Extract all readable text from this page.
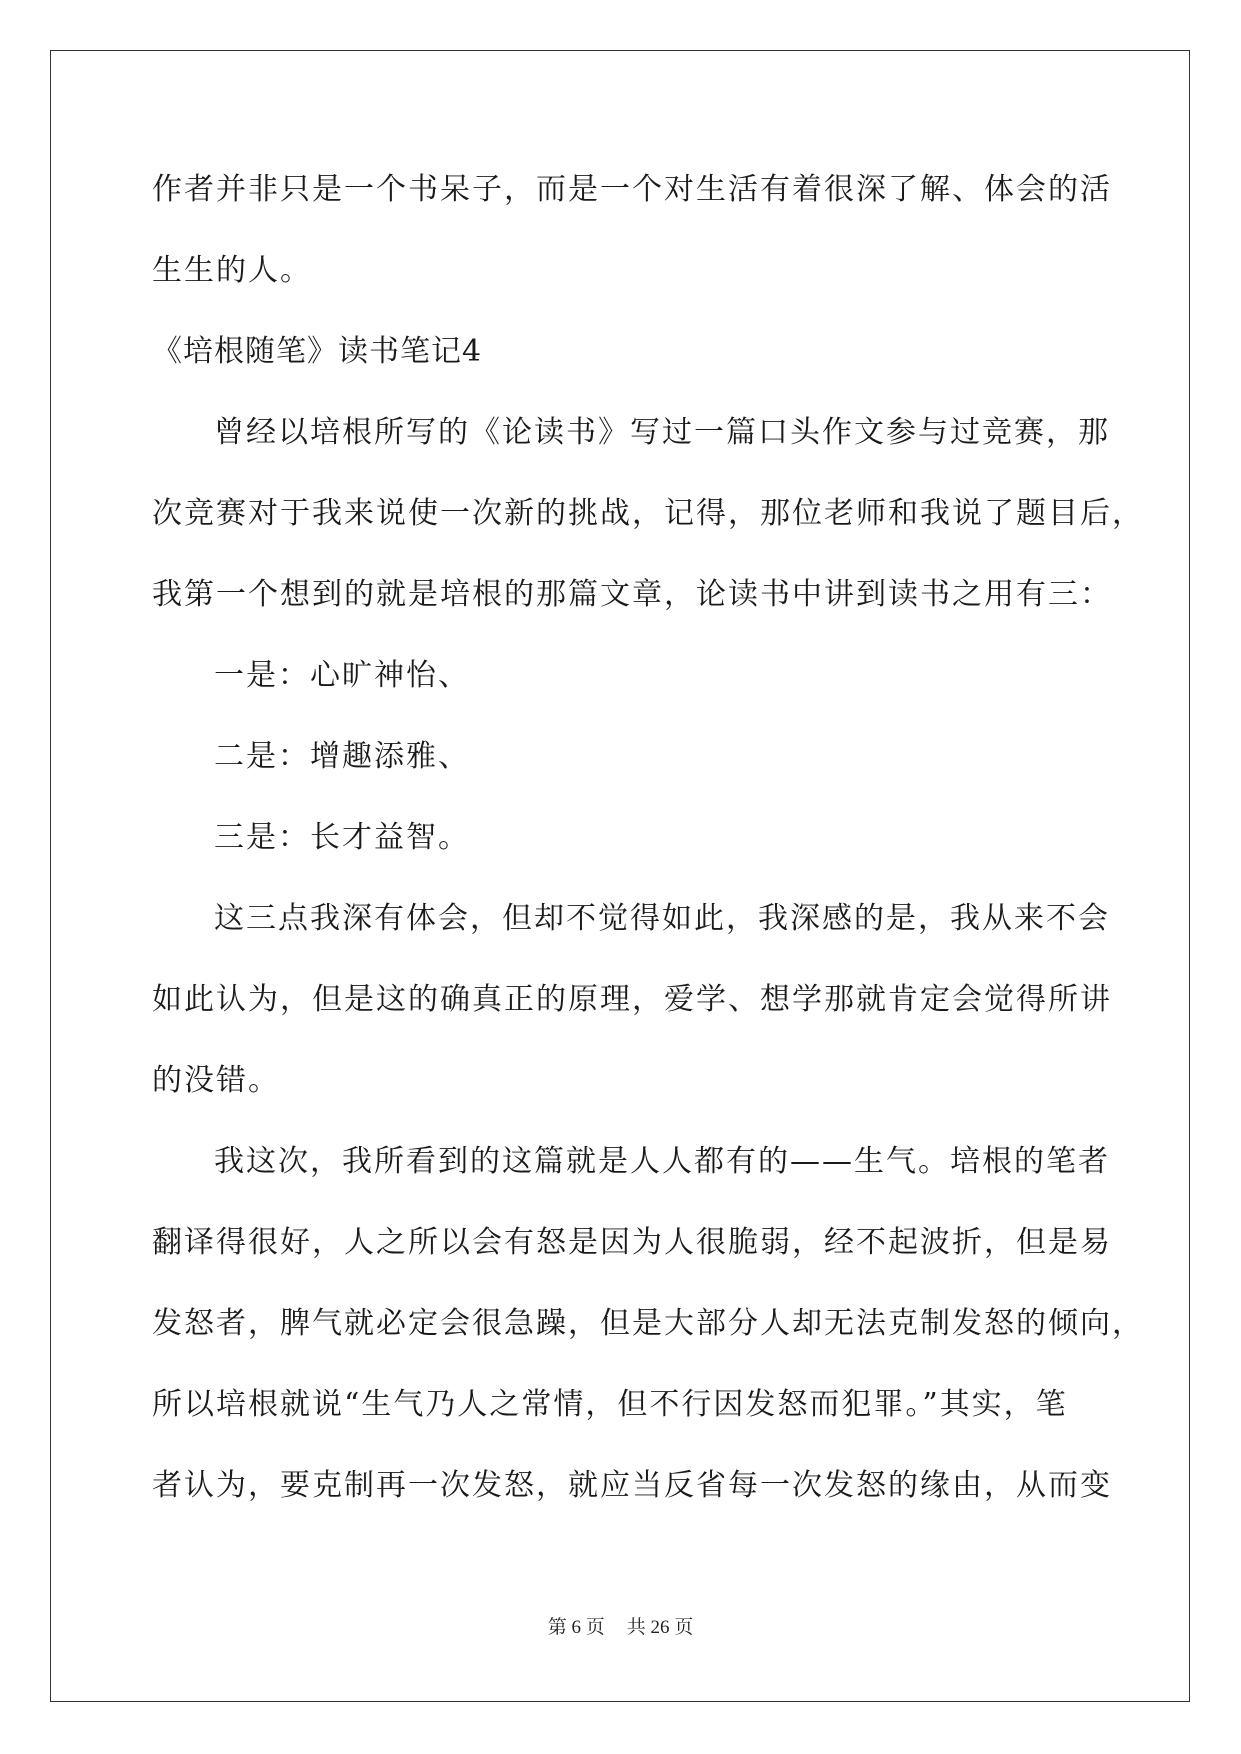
作者并非只是一个书呆子，而是一个对生活有着很深了解、体会的活
生生的人。
《培根随笔》读书笔记4
曾经以培根所写的《论读书》写过一篇口头作文参与过竞赛，那
次竞赛对于我来说使一次新的挑战，记得，那位老师和我说了题目后，
我第一个想到的就是培根的那篇文章，论读书中讲到读书之用有三：
一是：心旷神怡、
二是：增趣添雅、
三是：长才益智。
这三点我深有体会，但却不觉得如此，我深感的是，我从来不会
如此认为，但是这的确真正的原理，爱学、想学那就肯定会觉得所讲
的没错。
我这次，我所看到的这篇就是人人都有的——生气。培根的笔者
翻译得很好，人之所以会有怒是因为人很脆弱，经不起波折，但是易
发怒者，脾气就必定会很急躁，但是大部分人却无法克制发怒的倾向，
所以培根就说“生气乃人之常情，但不行因发怒而犯罪。”其实，笔
者认为，要克制再一次发怒，就应当反省每一次发怒的缘由，从而变
第 6 页 共 26 页
